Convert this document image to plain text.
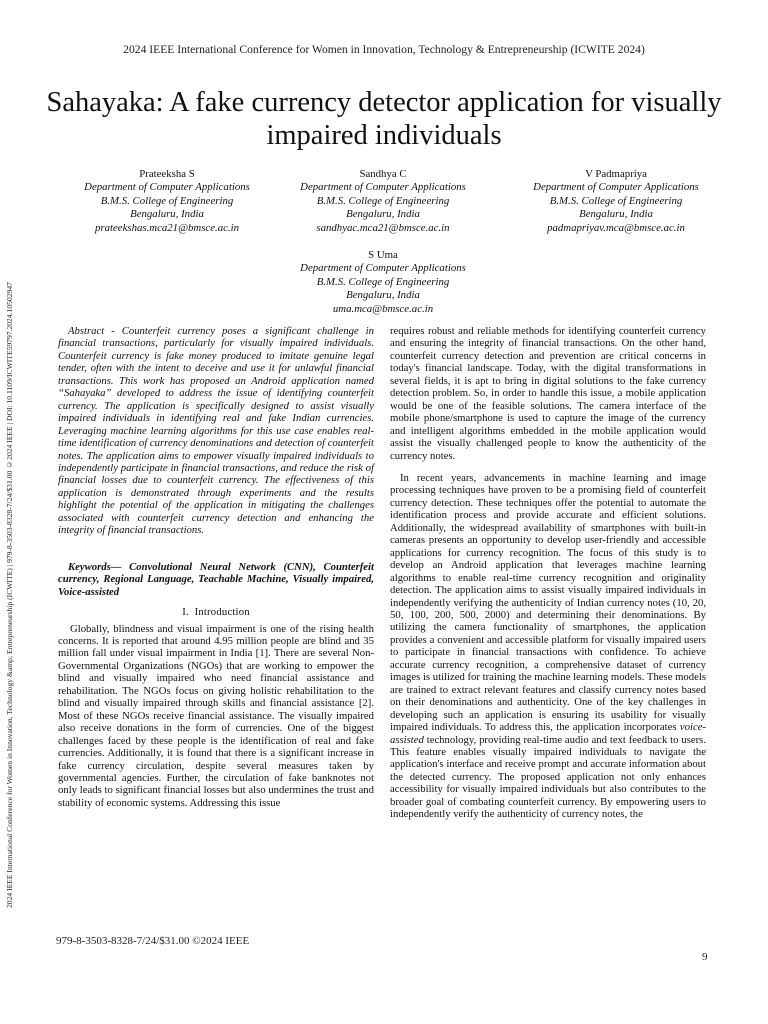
2024 IEEE International Conference for Women in Innovation, Technology & Entrepreneurship (ICWITE 2024)
2024 IEEE International Conference for Women in Innovation, Technology &amp; Entrepreneurship (ICWITE) | 979-8-3503-8328-7/24/$31.00 ©2024 IEEE | DOI: 10.1109/ICWITE59797.2024.10502947
Sahayaka: A fake currency detector application for visually impaired individuals
Prateeksha S
Department of Computer Applications
B.M.S. College of Engineering
Bengaluru, India
prateekshas.mca21@bmsce.ac.in
Sandhya C
Department of Computer Applications
B.M.S. College of Engineering
Bengaluru, India
sandhyac.mca21@bmsce.ac.in
V Padmapriya
Department of Computer Applications
B.M.S. College of Engineering
Bengaluru, India
padmapriyav.mca@bmsce.ac.in
S Uma
Department of Computer Applications
B.M.S. College of Engineering
Bengaluru, India
uma.mca@bmsce.ac.in

Abstract - Counterfeit currency poses a significant challenge in financial transactions, particularly for visually impaired individuals. Counterfeit currency is fake money produced to imitate genuine legal tender, often with the intent to deceive and use it for unlawful financial transactions. This work has proposed an Android application named “Sahayaka” developed to address the issue of identifying counterfeit currency. The application is specifically designed to assist visually impaired individuals in identifying real and fake Indian currencies. Leveraging machine learning algorithms for this use case enables real-time identification of currency denominations and detection of counterfeit notes. The application aims to empower visually impaired individuals to independently participate in financial transactions, and reduce the risk of financial losses due to counterfeit currency. The effectiveness of this application is demonstrated through experiments and the results highlight the potential of the application in mitigating the challenges associated with counterfeit currency detection and enhancing the integrity of financial transactions.

Keywords— Convolutional Neural Network (CNN), Counterfeit currency, Regional Language, Teachable Machine, Visually impaired, Voice-assisted

I. Introduction

Globally, blindness and visual impairment is one of the rising health concerns. It is reported that around 4.95 million people are blind and 35 million fall under visual impairment in India [1]. There are several Non-Governmental Organizations (NGOs) that are working to empower the blind and visually impaired who need financial assistance and rehabilitation. The NGOs focus on giving holistic rehabilitation to the blind and visually impaired through skills and financial assistance [2]. Most of these NGOs receive financial assistance. The visually impaired also receive donations in the form of currencies. One of the biggest challenges faced by these people is the identification of real and fake currencies. Additionally, it is found that there is a significant increase in fake currency circulation, despite several measures taken by governmental agencies. Further, the circulation of fake banknotes not only leads to significant financial losses but also undermines the trust and stability of economic systems. Addressing this issue

requires robust and reliable methods for identifying counterfeit currency and ensuring the integrity of financial transactions. On the other hand, counterfeit currency detection and prevention are critical concerns in today's financial landscape. Today, with the digital transformations in several fields, it is apt to bring in digital solutions to the fake currency detection problem. So, in order to handle this issue, a mobile application would be one of the feasible solutions. The camera interface of the mobile phone/smartphone is used to capture the image of the currency and intelligent algorithms embedded in the mobile application would assist the visually challenged people to know the authenticity of the currency notes.

In recent years, advancements in machine learning and image processing techniques have proven to be a promising field of counterfeit currency detection. These techniques offer the potential to automate the identification process and provide accurate and efficient solutions. Additionally, the widespread availability of smartphones with built-in cameras presents an opportunity to develop user-friendly and accessible applications for currency recognition. The focus of this study is to develop an Android application that leverages machine learning algorithms to enable real-time currency recognition and originality detection. The application aims to assist visually impaired individuals in independently verifying the authenticity of Indian currency notes (10, 20, 50, 100, 200, 500, 2000) and determining their denominations. By utilizing the camera functionality of smartphones, the application provides a convenient and accessible platform for visually impaired users to participate in financial transactions with confidence. To achieve accurate currency recognition, a comprehensive dataset of currency images is utilized for training the machine learning models. These models are trained to extract relevant features and classify currency notes based on their denominations and authenticity. One of the key challenges in developing such an application is ensuring its usability for visually impaired individuals. To address this, the application incorporates voice-assisted technology, providing real-time audio and text feedback to users. This feature enables visually impaired individuals to navigate the application's interface and receive prompt and accurate information about the detected currency. The proposed application not only enhances accessibility for visually impaired individuals but also contributes to the broader goal of combating counterfeit currency. By empowering users to independently verify the authenticity of currency notes, the

979-8-3503-8328-7/24/$31.00 ©2024 IEEE
9
